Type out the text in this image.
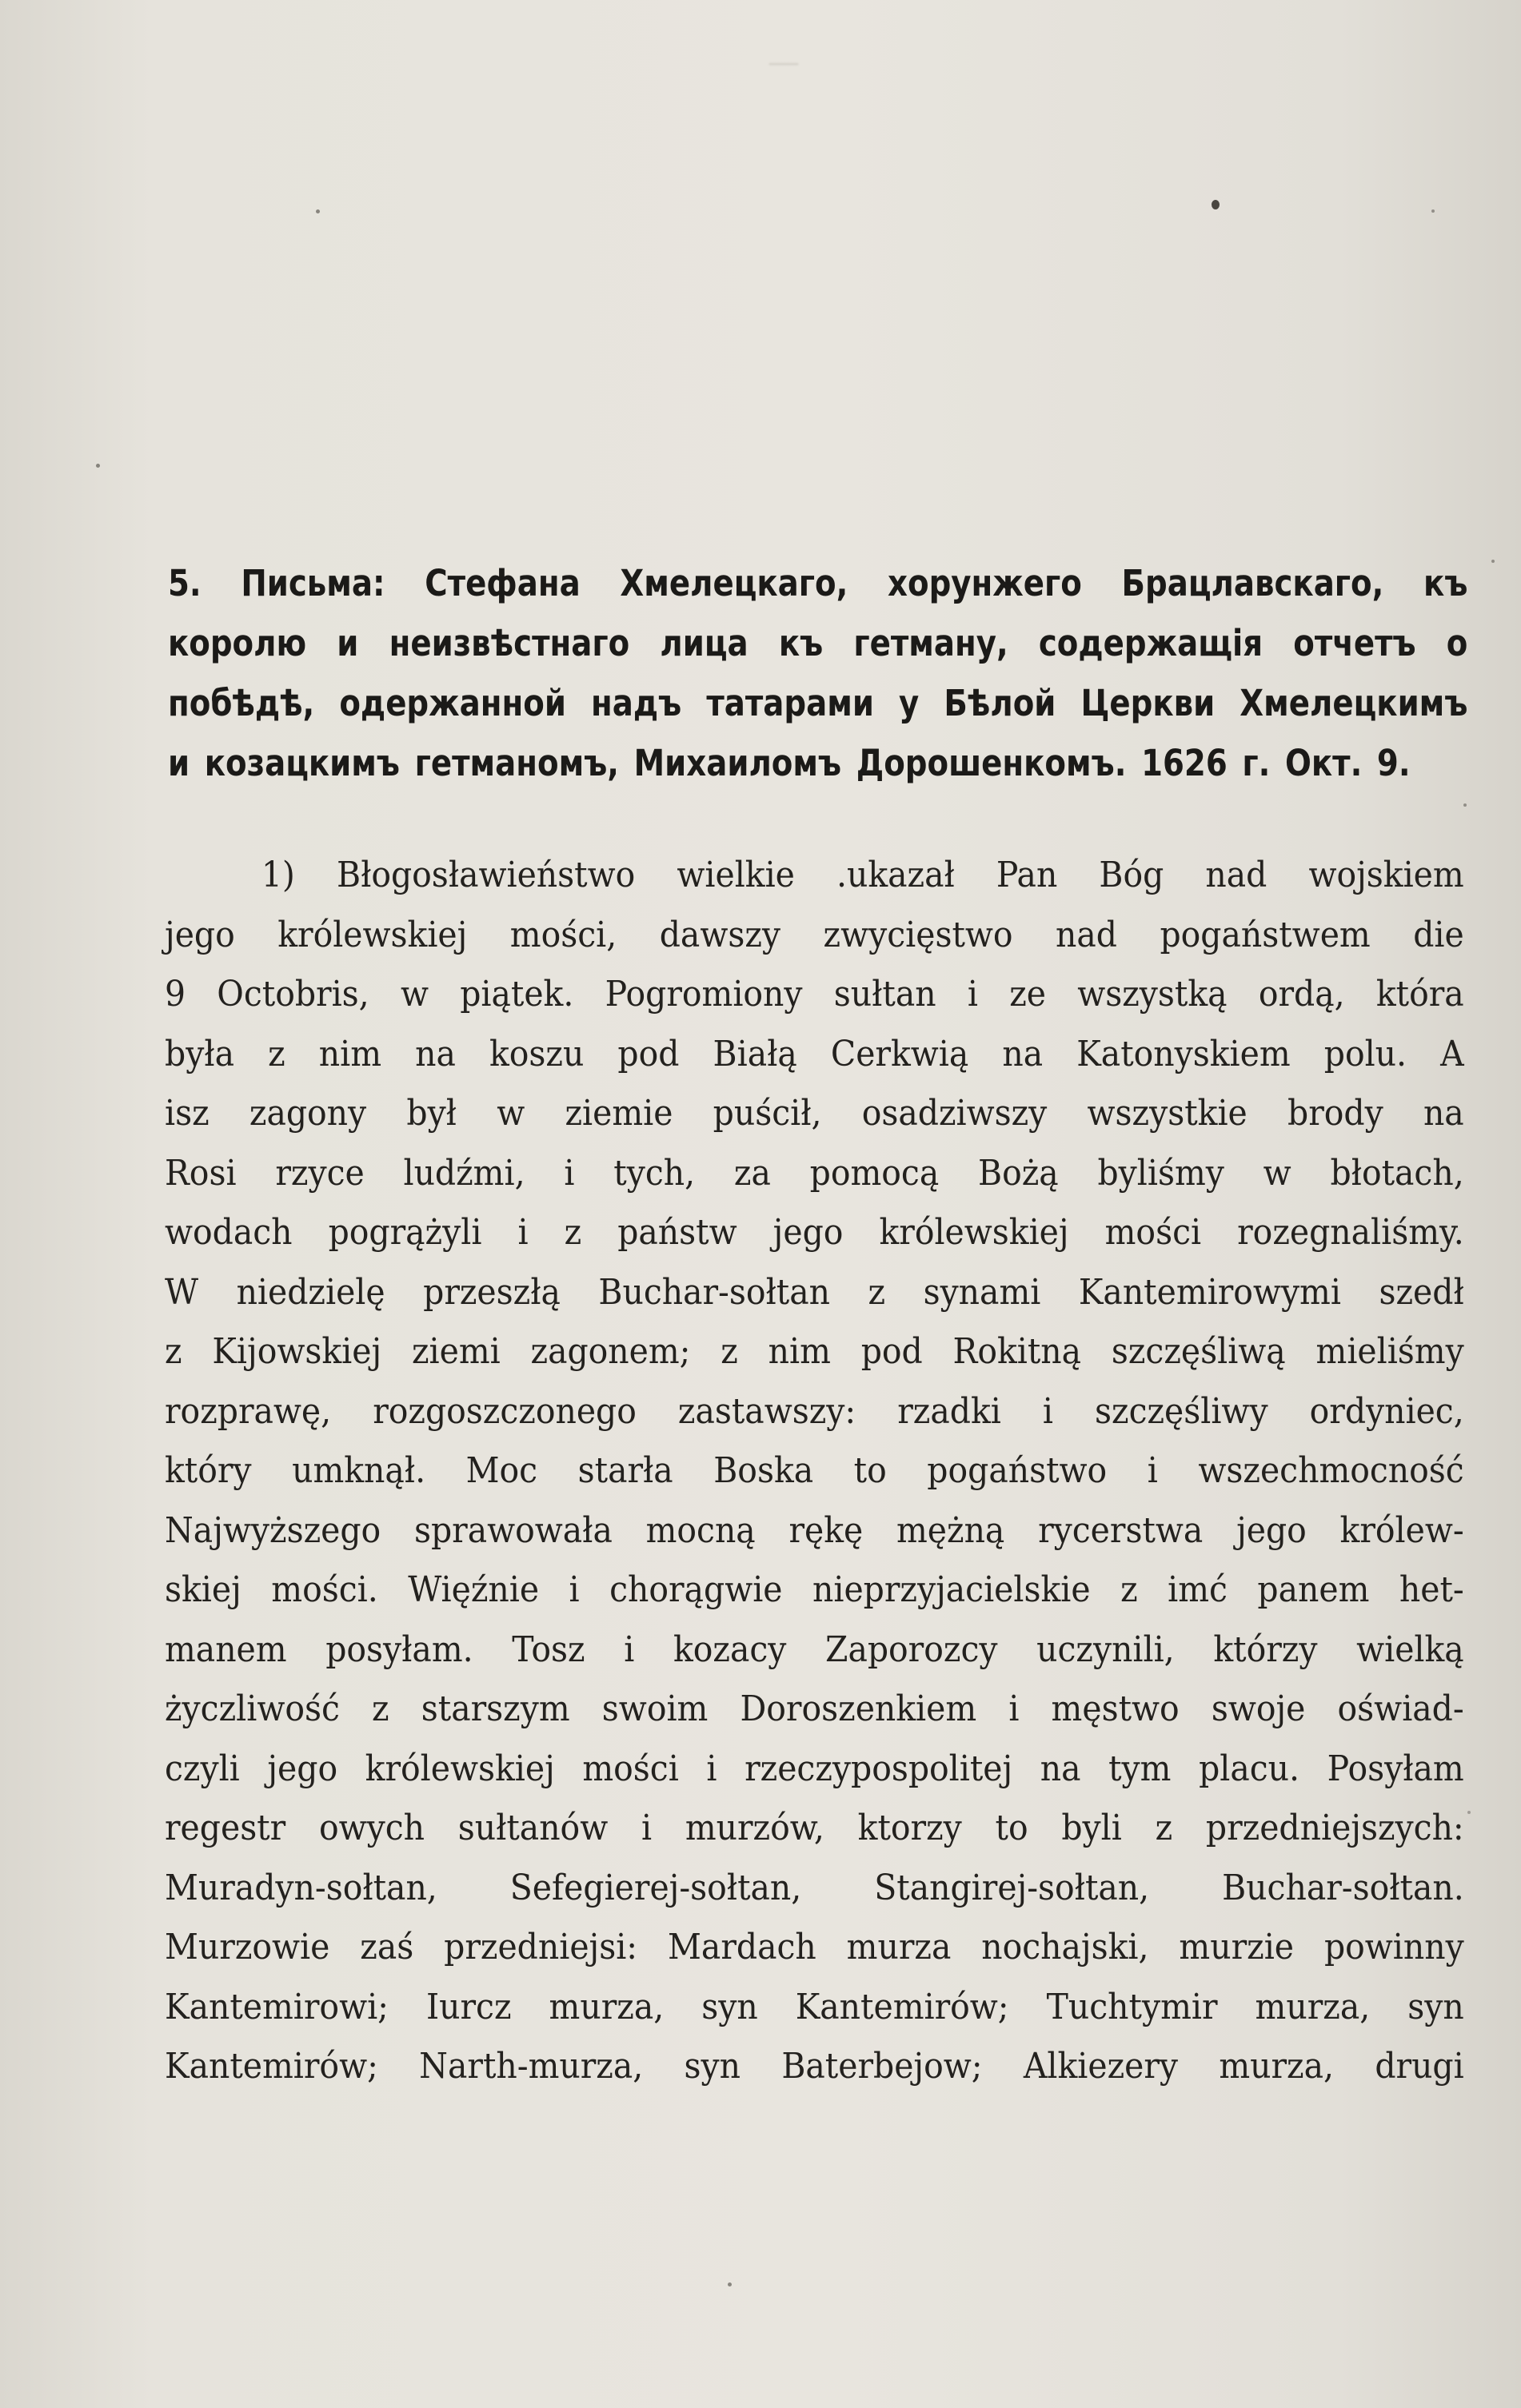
—
5. Письма: Стефана Хмелецкаго, хорунжего Брацлавскаго, къ
королю и неизвѣстнаго лица къ гетману, содержащія отчетъ о
побѣдѣ, одержанной надъ татарами у Бѣлой Церкви Хмелецкимъ
и козацкимъ гетманомъ, Михаиломъ Дорошенкомъ. 1626 г. Окт. 9.
1) Błogosławieństwo wielkie .ukazał Pan Bóg nad wojskiem
jego królewskiej mości, dawszy zwycięstwo nad pogaństwem die
9 Octobris, w piątek. Pogromiony sułtan i ze wszystką ordą, która
była z nim na koszu pod Białą Cerkwią na Katonyskiem polu. A
isz zagony był w ziemie puścił, osadziwszy wszystkie brody na
Rosi rzyce ludźmi, i tych, za pomocą Bożą byliśmy w błotach,
wodach pogrążyli i z państw jego królewskiej mości rozegnaliśmy.
W niedzielę przeszłą Buchar-sołtan z synami Kantemirowymi szedł
z Kijowskiej ziemi zagonem; z nim pod Rokitną szczęśliwą mieliśmy
rozprawę, rozgoszczonego zastawszy: rzadki i szczęśliwy ordyniec,
który umknął. Moc starła Boska to pogaństwo i wszechmocność
Najwyższego sprawowała mocną rękę mężną rycerstwa jego królew-
skiej mości. Więźnie i chorągwie nieprzyjacielskie z imć panem het-
manem posyłam. Tosz i kozacy Zaporozcy uczynili, którzy wielką
życzliwość z starszym swoim Doroszenkiem i męstwo swoje oświad-
czyli jego królewskiej mości i rzeczypospolitej na tym placu. Posyłam
regestr owych sułtanów i murzów, ktorzy to byli z przedniejszych:
Muradyn-sołtan, Sefegierej-sołtan, Stangirej-sołtan, Buchar-sołtan.
Murzowie zaś przedniejsi: Mardach murza nochajski, murzie powinny
Kantemirowi; Iurcz murza, syn Kantemirów; Tuchtymir murza, syn
Kantemirów; Narth-murza, syn Baterbejow; Alkiezery murza, drugi
